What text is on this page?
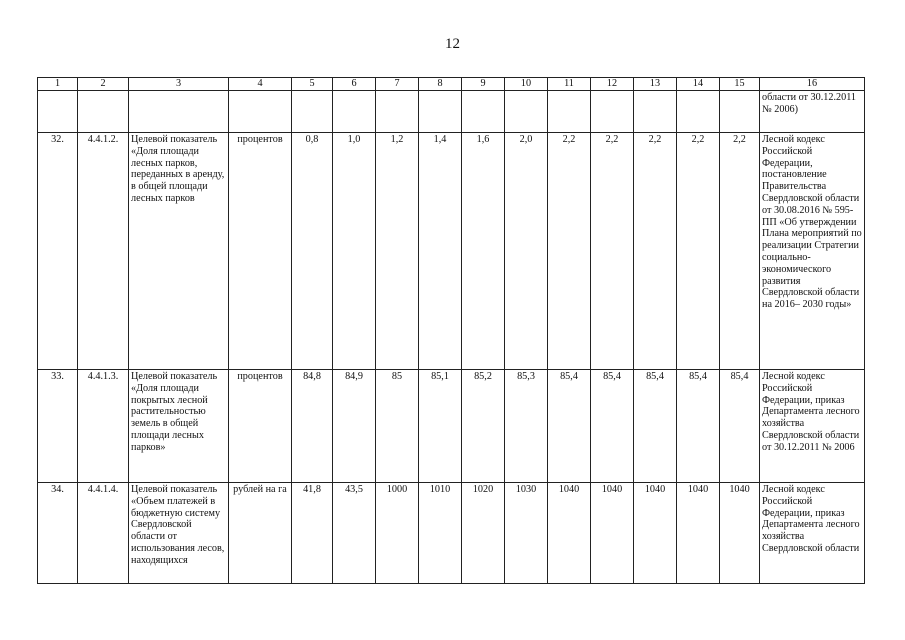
12
1	2	3	4	5	6	7	8	9	10	11	12	13	14	15	16
															области от 30.12.2011 № 2006)
32.	4.4.1.2.	Целевой показатель «Доля площади лесных парков, переданных в аренду, в общей площади лесных парков	процентов	0,8	1,0	1,2	1,4	1,6	2,0	2,2	2,2	2,2	2,2	2,2	Лесной кодекс Российской Федерации, постановление Правительства Свердловской области от 30.08.2016 № 595-ПП «Об утверждении Плана мероприятий по реализации Стратегии социально- экономического развития Свердловской области на 2016– 2030 годы»
33.	4.4.1.3.	Целевой показатель «Доля площади покрытых лесной растительностью земель в общей площади лесных парков»	процентов	84,8	84,9	85	85,1	85,2	85,3	85,4	85,4	85,4	85,4	85,4	Лесной кодекс Российской Федерации, приказ Департамента лесного хозяйства Свердловской области от 30.12.2011 № 2006
34.	4.4.1.4.	Целевой показатель «Объем платежей в бюджетную систему Свердловской области от использования лесов, находящихся	рублей на га	41,8	43,5	1000	1010	1020	1030	1040	1040	1040	1040	1040	Лесной кодекс Российской Федерации, приказ Департамента лесного хозяйства Свердловской области
